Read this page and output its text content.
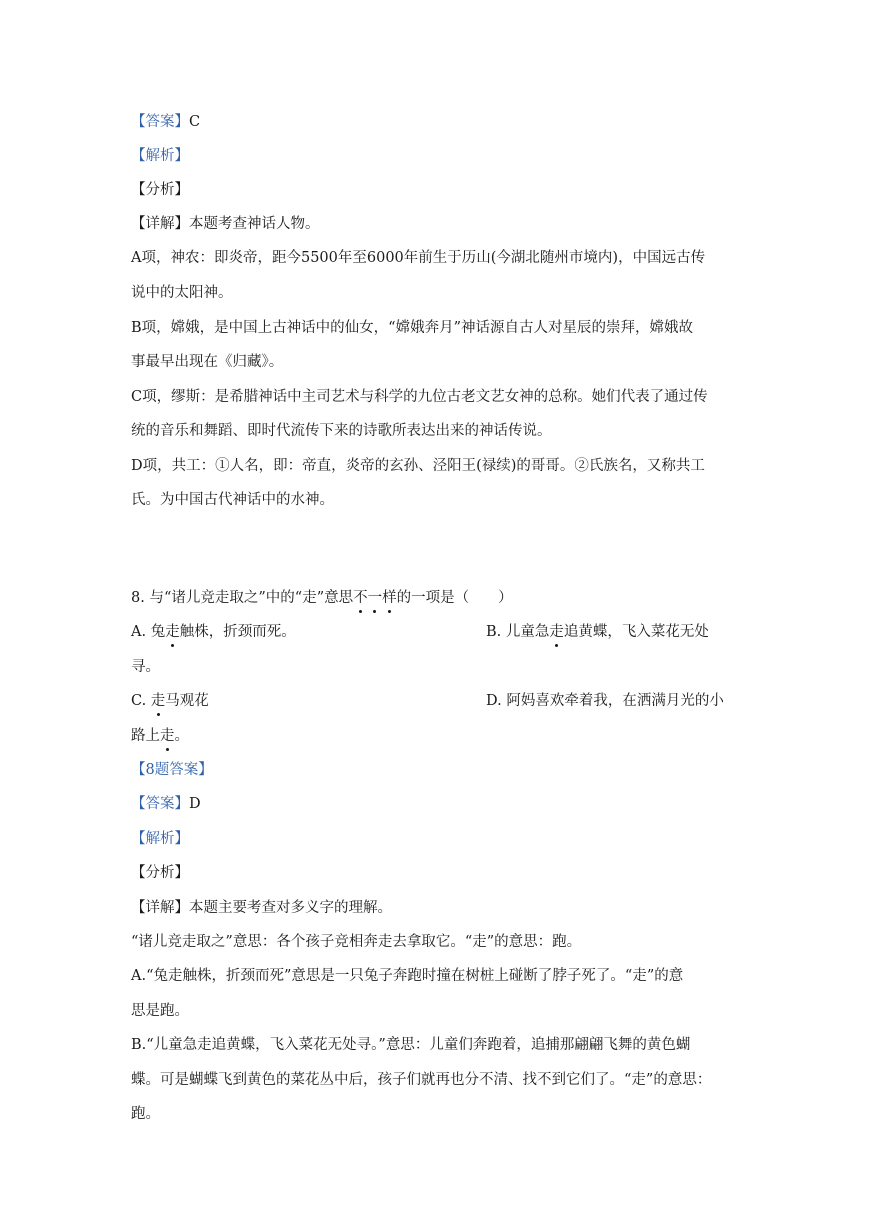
【答案】C
【解析】
【分析】
【详解】本题考查神话人物。
A项，神农：即炎帝，距今5500年至6000年前生于历山(今湖北随州市境内)，中国远古传
说中的太阳神。
B项，嫦娥，是中国上古神话中的仙女，“嫦娥奔月”神话源自古人对星辰的崇拜，嫦娥故
事最早出现在《归藏》。
C项，缪斯：是希腊神话中主司艺术与科学的九位古老文艺女神的总称。她们代表了通过传
统的音乐和舞蹈、即时代流传下来的诗歌所表达出来的神话传说。
D项，共工：①人名，即：帝直，炎帝的玄孙、泾阳王(禄续)的哥哥。②氏族名，又称共工
氏。为中国古代神话中的水神。
8. 与“诸儿竞走取之”中的“走”意思不一样的一项是（　　）
A. 兔走触株，折颈而死。	B. 儿童急走追黄蝶，飞入菜花无处
寻。
C. 走马观花	D. 阿妈喜欢牵着我，在洒满月光的小
路上走。
【8题答案】
【答案】D
【解析】
【分析】
【详解】本题主要考查对多义字的理解。
“诸儿竞走取之”意思：各个孩子竞相奔走去拿取它。“走”的意思：跑。
A.“兔走触株，折颈而死”意思是一只兔子奔跑时撞在树桩上碰断了脖子死了。“走”的意
思是跑。
B.“儿童急走追黄蝶，飞入菜花无处寻。”意思：儿童们奔跑着，追捕那翩翩飞舞的黄色蝴
蝶。可是蝴蝶飞到黄色的菜花丛中后，孩子们就再也分不清、找不到它们了。“走”的意思：
跑。
